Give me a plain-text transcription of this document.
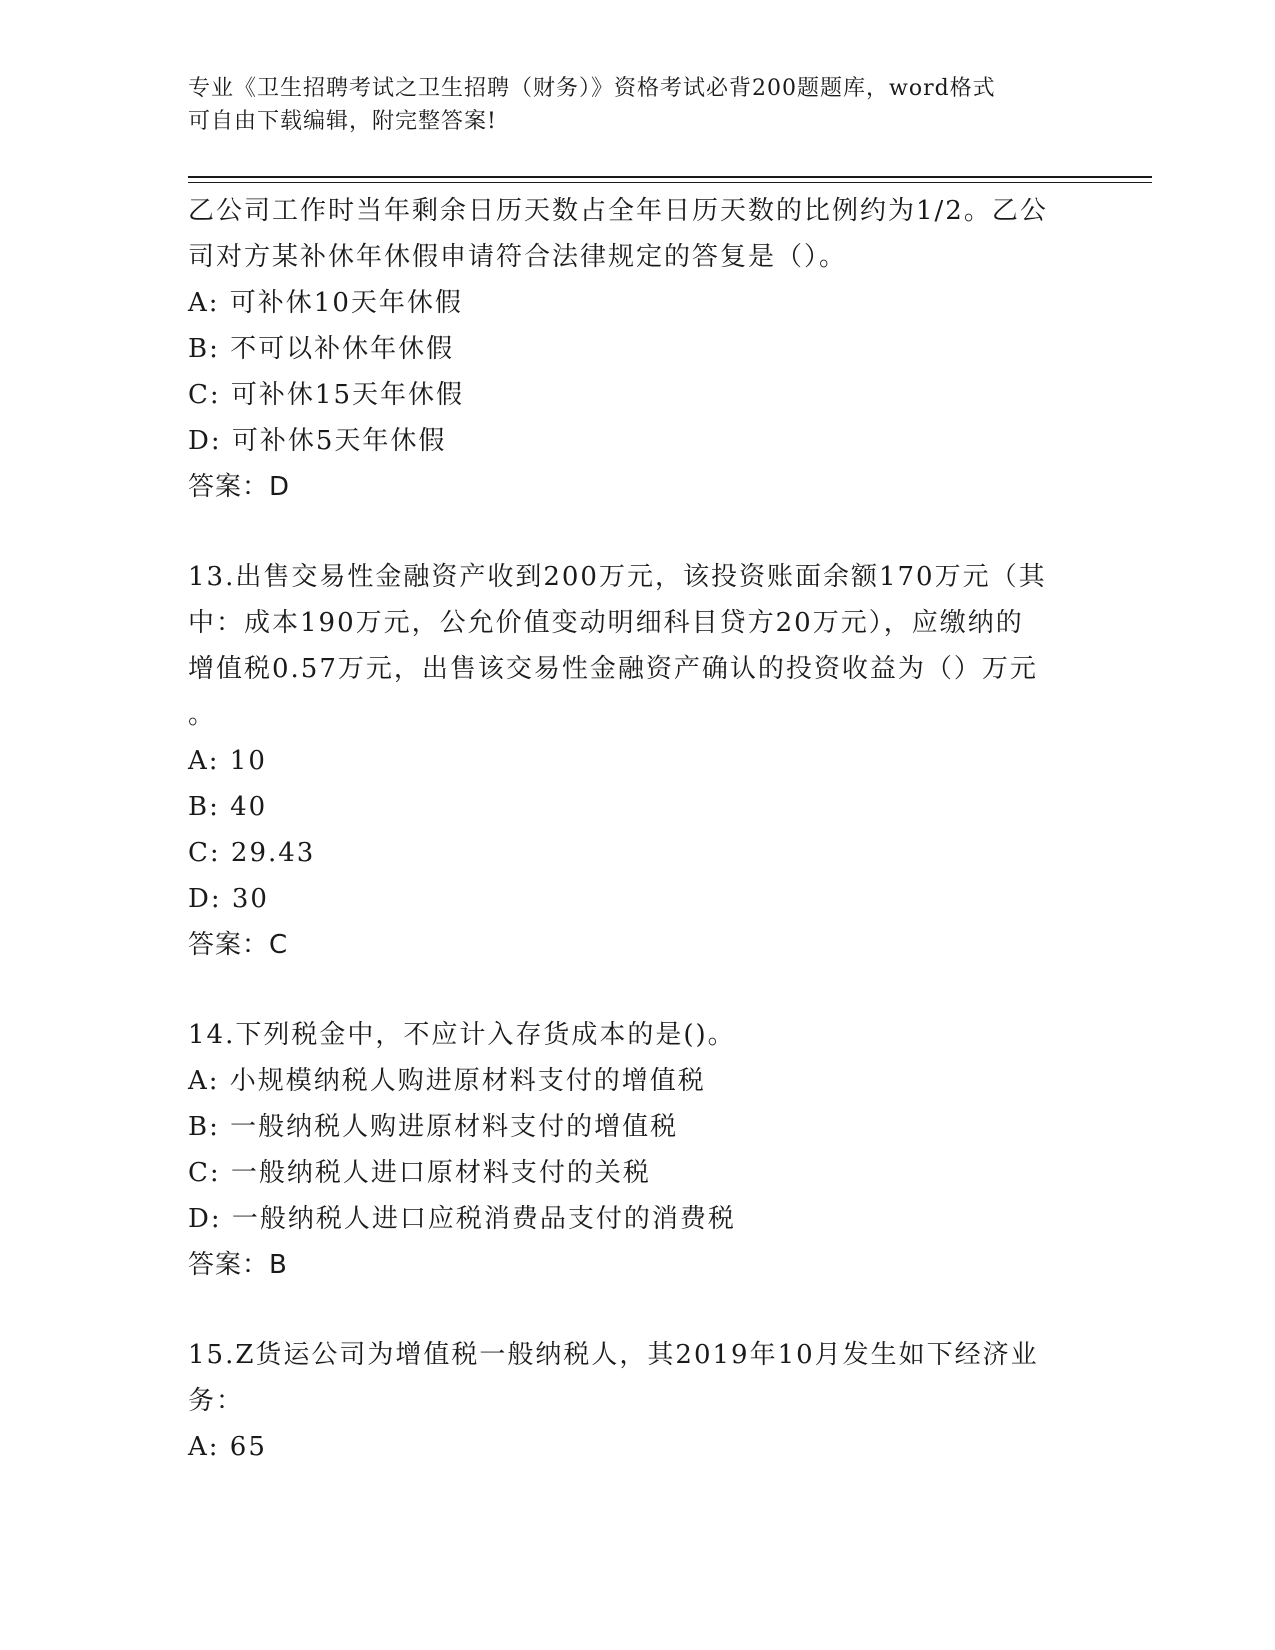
专业《卫生招聘考试之卫生招聘（财务）》资格考试必背200题题库，word格式
可自由下载编辑，附完整答案!

乙公司工作时当年剩余日历天数占全年日历天数的比例约为1/2。乙公

司对方某补休年休假申请符合法律规定的答复是（）。

A: 可补休10天年休假

B: 不可以补休年休假

C: 可补休15天年休假

D: 可补休5天年休假

答案：D

13.出售交易性金融资产收到200万元，该投资账面余额170万元（其

中：成本190万元，公允价值变动明细科目贷方20万元），应缴纳的

增值税0.57万元，出售该交易性金融资产确认的投资收益为（）万元

。

A: 10

B: 40

C: 29.43

D: 30

答案：C

14.下列税金中，不应计入存货成本的是()。

A: 小规模纳税人购进原材料支付的增值税

B: 一般纳税人购进原材料支付的增值税

C: 一般纳税人进口原材料支付的关税

D: 一般纳税人进口应税消费品支付的消费税

答案：B

15.Z货运公司为增值税一般纳税人，其2019年10月发生如下经济业

务：

A: 65
